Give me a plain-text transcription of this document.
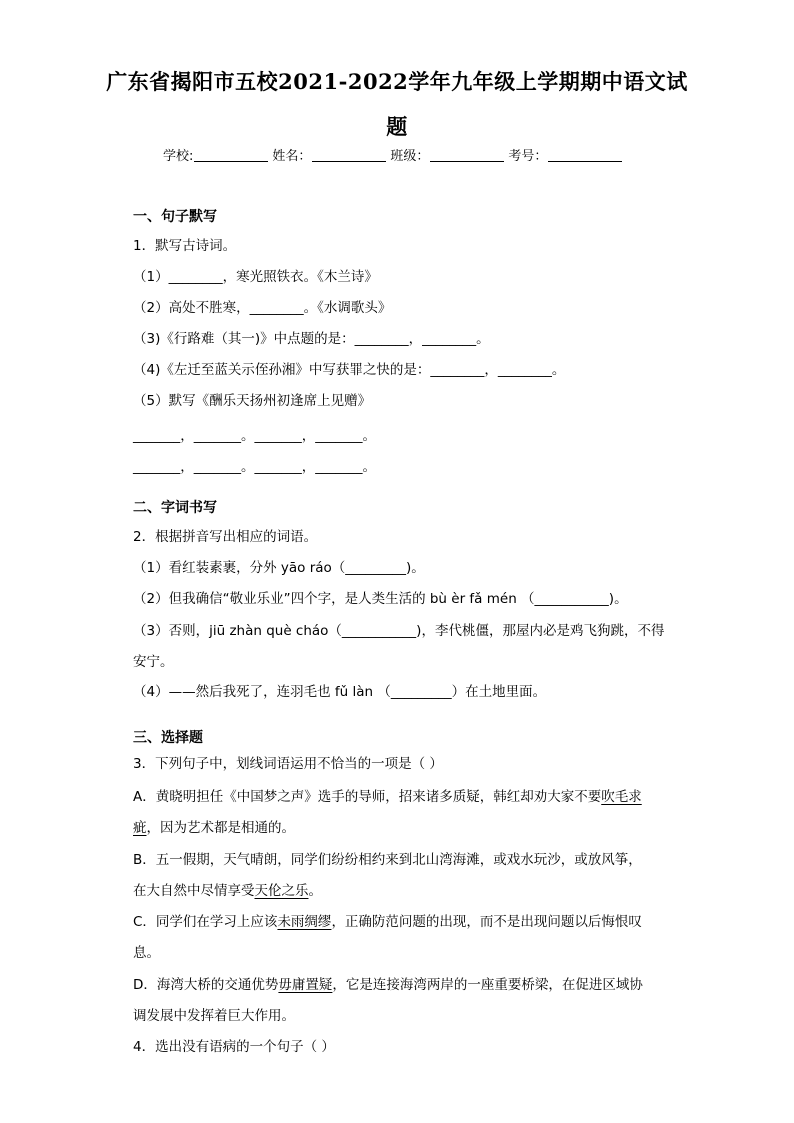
广东省揭阳市五校2021-2022学年九年级上学期期中语文试
题
学校:	姓名：	班级：	考号：
一、句子默写
1．默写古诗词。
（1）________，寒光照铁衣。《木兰诗》
（2）高处不胜寒，________。《水调歌头》
（3)《行路难（其一)》中点题的是：________，________。
（4)《左迁至蓝关示侄孙湘》中写获罪之快的是：________，________。
（5）默写《酬乐天扬州初逢席上见赠》
_______，_______。_______，_______。
_______，_______。_______，_______。
二、字词书写
2．根据拼音写出相应的词语。
（1）看红装素裹，分外 yāo ráo（_________)。
（2）但我确信“敬业乐业”四个字，是人类生活的 bù èr fǎ mén （___________)。
（3）否则，jiū zhàn què cháo（___________)，李代桃僵，那屋内必是鸡飞狗跳，不得
安宁。
（4）——然后我死了，连羽毛也 fǔ làn （_________）在土地里面。
三、选择题
3．下列句子中，划线词语运用不恰当的一项是（ ）
A．黄晓明担任《中国梦之声》选手的导师，招来诸多质疑，韩红却劝大家不要吹毛求
疵，因为艺术都是相通的。
B．五一假期，天气晴朗，同学们纷纷相约来到北山湾海滩，或戏水玩沙，或放风筝，
在大自然中尽情享受天伦之乐。
C．同学们在学习上应该未雨绸缪，正确防范问题的出现，而不是出现问题以后悔恨叹
息。
D．海湾大桥的交通优势毋庸置疑，它是连接海湾两岸的一座重要桥梁，在促进区域协
调发展中发挥着巨大作用。
4．选出没有语病的一个句子（ ）
